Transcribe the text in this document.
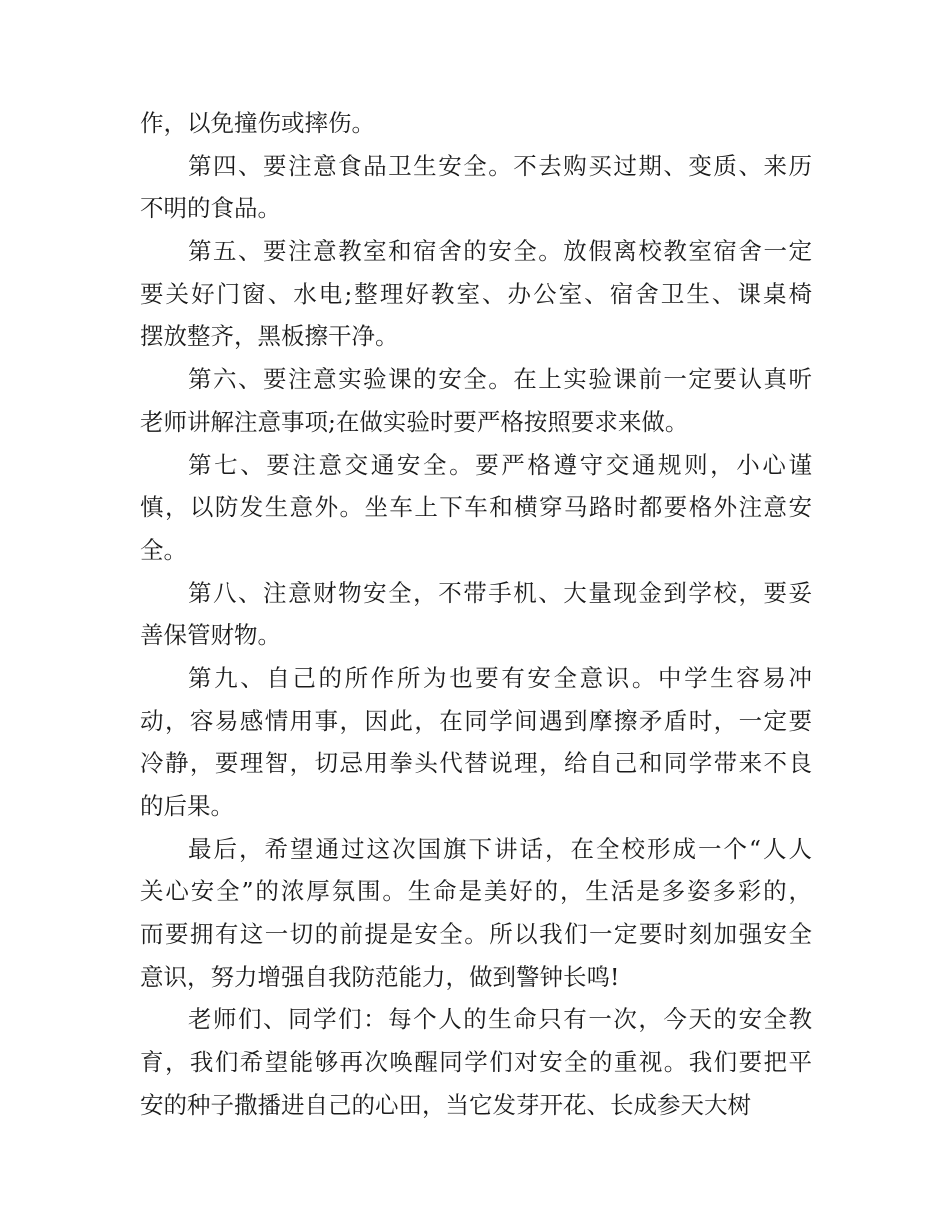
作，以免撞伤或摔伤。
第四、要注意食品卫生安全。不去购买过期、变质、来历
不明的食品。
第五、要注意教室和宿舍的安全。放假离校教室宿舍一定
要关好门窗、水电;整理好教室、办公室、宿舍卫生、课桌椅
摆放整齐，黑板擦干净。
第六、要注意实验课的安全。在上实验课前一定要认真听
老师讲解注意事项;在做实验时要严格按照要求来做。
第七、要注意交通安全。要严格遵守交通规则，小心谨
慎，以防发生意外。坐车上下车和横穿马路时都要格外注意安
全。
第八、注意财物安全，不带手机、大量现金到学校，要妥
善保管财物。
第九、自己的所作所为也要有安全意识。中学生容易冲
动，容易感情用事，因此，在同学间遇到摩擦矛盾时，一定要
冷静，要理智，切忌用拳头代替说理，给自己和同学带来不良
的后果。
最后，希望通过这次国旗下讲话，在全校形成一个“人人
关心安全”的浓厚氛围。生命是美好的，生活是多姿多彩的，
而要拥有这一切的前提是安全。所以我们一定要时刻加强安全
意识，努力增强自我防范能力，做到警钟长鸣!
老师们、同学们：每个人的生命只有一次，今天的安全教
育，我们希望能够再次唤醒同学们对安全的重视。我们要把平
安的种子撒播进自己的心田，当它发芽开花、长成参天大树
